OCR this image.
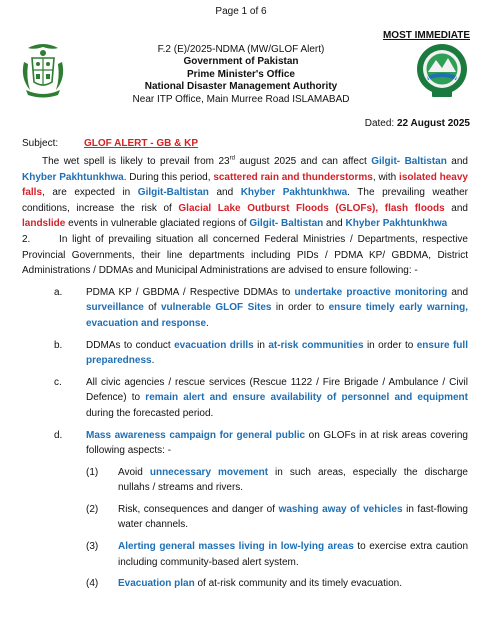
Page 1 of 6
MOST IMMEDIATE
F.2 (E)/2025-NDMA (MW/GLOF Alert)
Government of Pakistan
Prime Minister's Office
National Disaster Management Authority
Near ITP Office, Main Murree Road ISLAMABAD
Dated: 22 August 2025
Subject:	GLOF ALERT - GB & KP

The wet spell is likely to prevail from 23rd august 2025 and can affect Gilgit- Baltistan and Khyber Pakhtunkhwa. During this period, scattered rain and thunderstorms, with isolated heavy falls, are expected in Gilgit-Baltistan and Khyber Pakhtunkhwa. The prevailing weather conditions, increase the risk of Glacial Lake Outburst Floods (GLOFs), flash floods and landslide events in vulnerable glaciated regions of Gilgit- Baltistan and Khyber Pakhtunkhwa

2.      In light of prevailing situation all concerned Federal Ministries / Departments, respective Provincial Governments, their line departments including PIDs / PDMA KP/ GBDMA, District Administrations / DDMAs and Municipal Administrations are advised to ensure following: -

a. PDMA KP / GBDMA / Respective DDMAs to undertake proactive monitoring and surveillance of vulnerable GLOF Sites in order to ensure timely early warning, evacuation and response.

b. DDMAs to conduct evacuation drills in at-risk communities in order to ensure full preparedness.

c. All civic agencies / rescue services (Rescue 1122 / Fire Brigade / Ambulance / Civil Defence) to remain alert and ensure availability of personnel and equipment during the forecasted period.

d. Mass awareness campaign for general public on GLOFs in at risk areas covering following aspects: -

(1) Avoid unnecessary movement in such areas, especially the discharge nullahs / streams and rivers.

(2) Risk, consequences and danger of washing away of vehicles in fast-flowing water channels.

(3) Alerting general masses living in low-lying areas to exercise extra caution including community-based alert system.

(4) Evacuation plan of at-risk community and its timely evacuation.
